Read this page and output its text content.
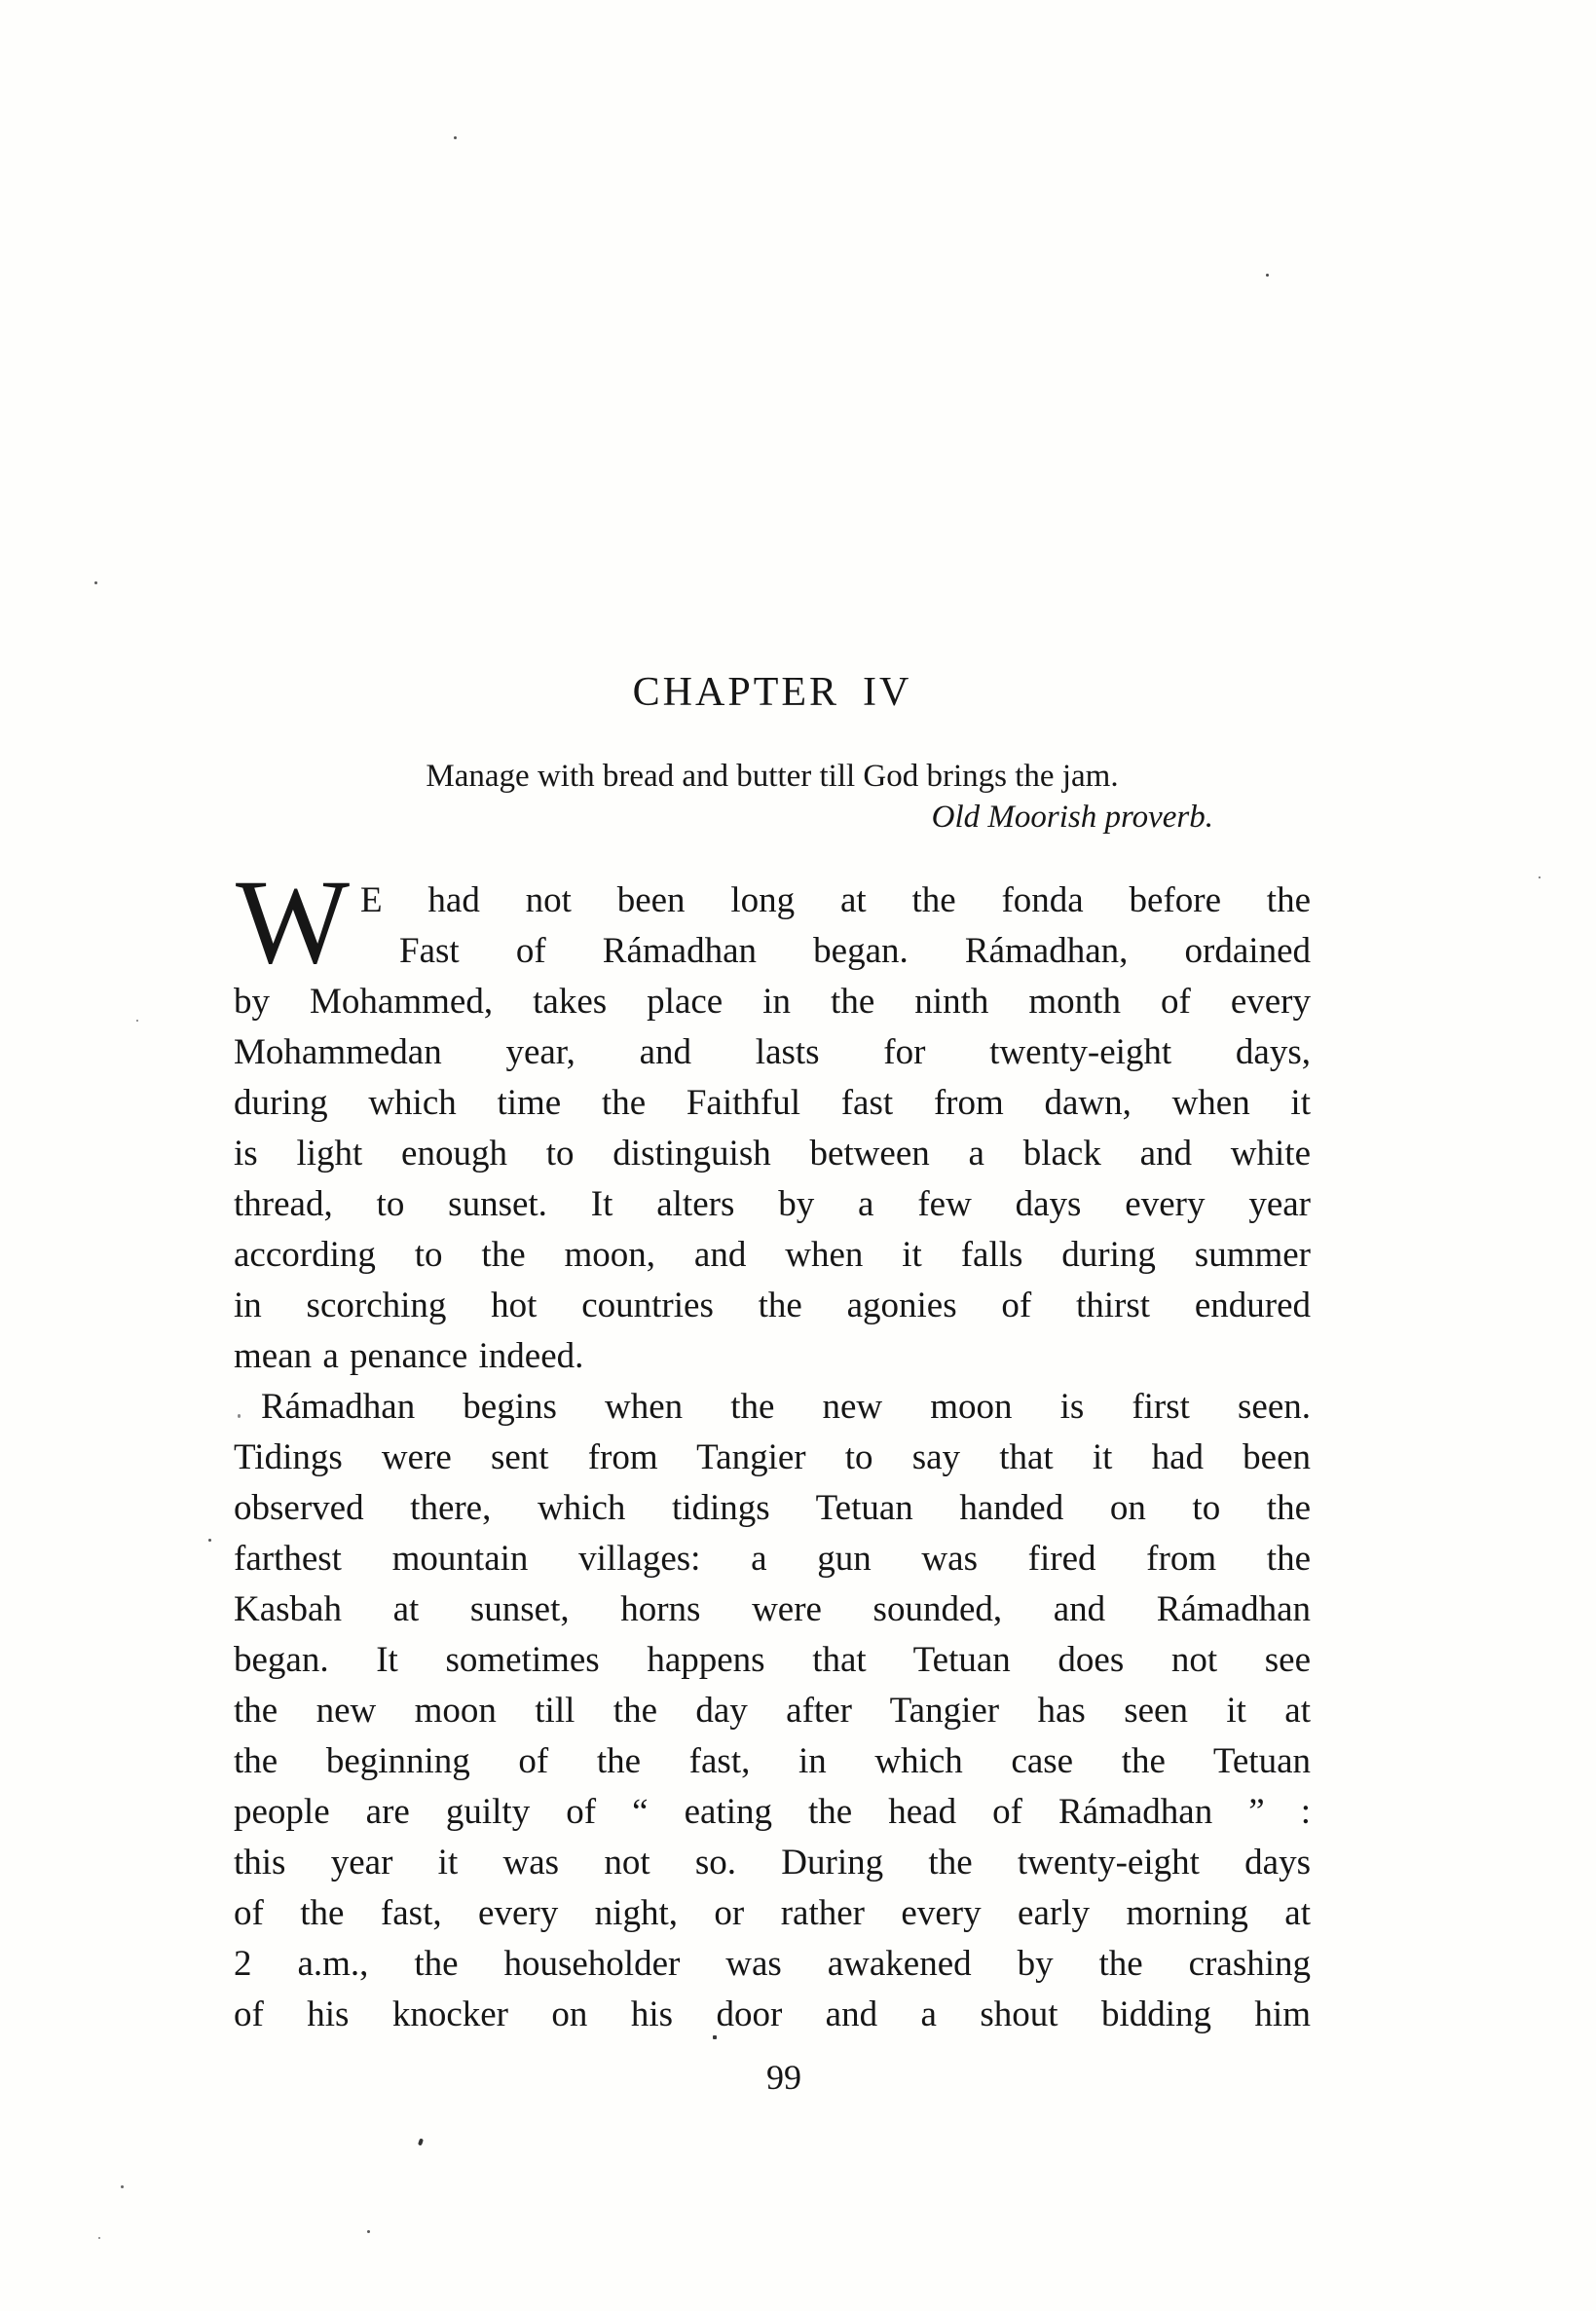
CHAPTER IV
Manage with bread and butter till God brings the jam.
Old Moorish proverb.
W E had not been long at the fonda before the
Fast of Rámadhan began. Rámadhan, ordained
by Mohammed, takes place in the ninth month of every
Mohammedan year, and lasts for twenty-eight days,
during which time the Faithful fast from dawn, when it
is light enough to distinguish between a black and white
thread, to sunset. It alters by a few days every year
according to the moon, and when it falls during summer
in scorching hot countries the agonies of thirst endured
mean a penance indeed.
Rámadhan begins when the new moon is first seen.
Tidings were sent from Tangier to say that it had been
observed there, which tidings Tetuan handed on to the
farthest mountain villages: a gun was fired from the
Kasbah at sunset, horns were sounded, and Rámadhan
began. It sometimes happens that Tetuan does not see
the new moon till the day after Tangier has seen it at
the beginning of the fast, in which case the Tetuan
people are guilty of “ eating the head of Rámadhan ” :
this year it was not so. During the twenty-eight days
of the fast, every night, or rather every early morning at
2 a.m., the householder was awakened by the crashing
of his knocker on his door and a shout bidding him
99
